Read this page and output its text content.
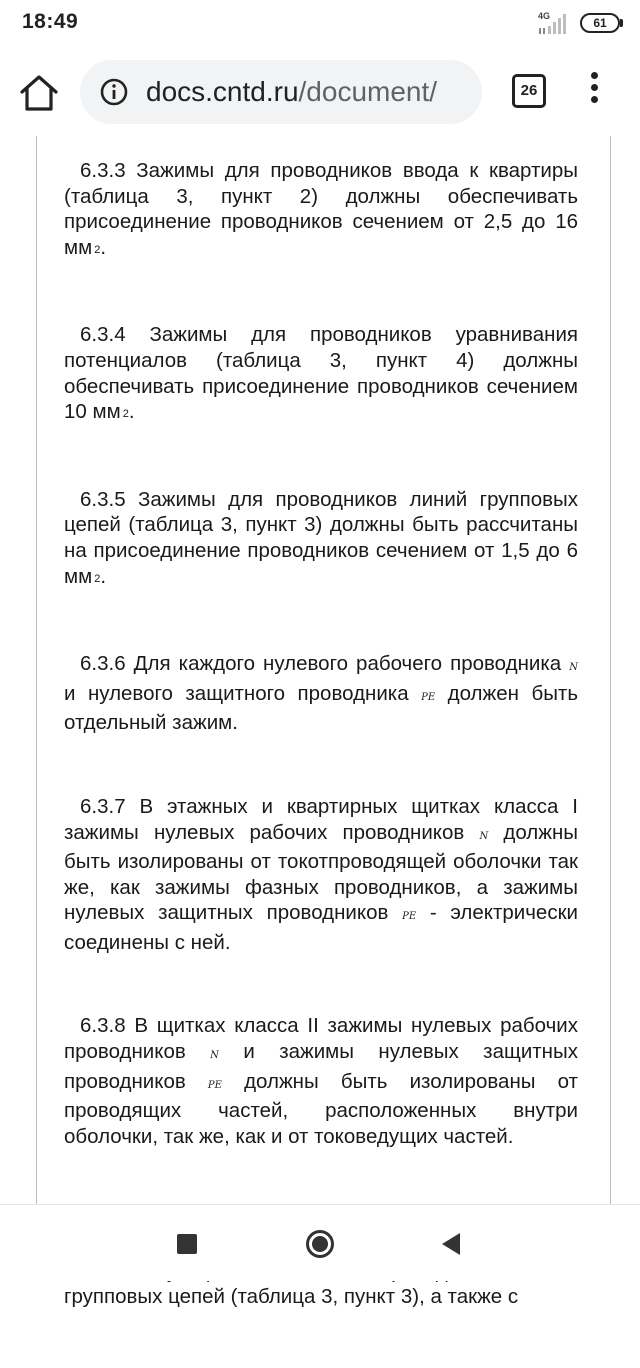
18:49	4G	61
docs.cntd.ru/document/	26

6.3.3 Зажимы для проводников ввода к квартиры (таблица 3, пункт 2) должны обеспечивать присоединение проводников сечением от 2,5 до 16 мм 2.

6.3.4 Зажимы для проводников уравнивания потенциалов (таблица 3, пункт 4) должны обеспечивать присоединение проводников сечением 10 мм 2.

6.3.5 Зажимы для проводников линий групповых цепей (таблица 3, пункт 3) должны быть рассчитаны на присоединение проводников сечением от 1,5 до 6 мм 2.

6.3.6 Для каждого нулевого рабочего проводника N и нулевого защитного проводника PE должен быть отдельный зажим.

6.3.7 В этажных и квартирных щитках класса I зажимы нулевых рабочих проводников N должны быть изолированы от токотпроводящей оболочки так же, как зажимы фазных проводников, а зажимы нулевых защитных проводников PE - электрически соединены с ней.

6.3.8 В щитках класса II зажимы нулевых рабочих проводников N и зажимы нулевых защитных проводников PE должны быть изолированы от проводящих частей, расположенных внутри оболочки, так же, как и от токоведущих частей.

групповых цепей (таблица 3, пункт 3), а также с
